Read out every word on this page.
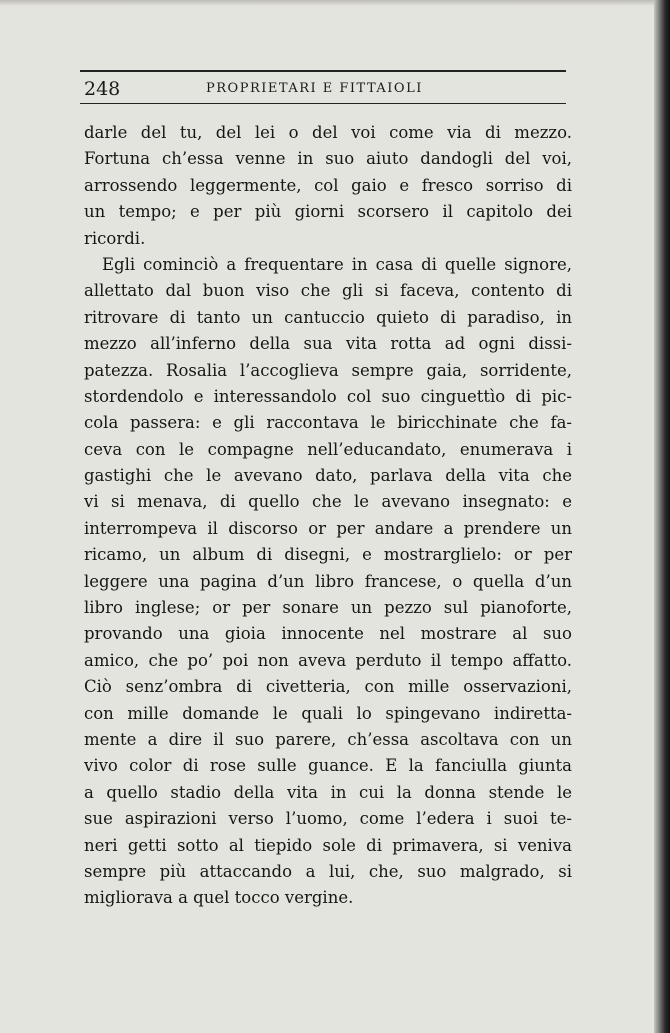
248	PROPRIETARI E FITTAIOLI
darle del tu, del lei o del voi come via di mezzo.
Fortuna ch’essa venne in suo aiuto dandogli del voi,
arrossendo leggermente, col gaio e fresco sorriso di
un tempo; e per più giorni scorsero il capitolo dei
ricordi.
Egli cominciò a frequentare in casa di quelle signore,
allettato dal buon viso che gli si faceva, contento di
ritrovare di tanto un cantuccio quieto di paradiso, in
mezzo all’inferno della sua vita rotta ad ogni dissi-
patezza. Rosalia l’accoglieva sempre gaia, sorridente,
stordendolo e interessandolo col suo cinguettìo di pic-
cola passera: e gli raccontava le biricchinate che fa-
ceva con le compagne nell’educandato, enumerava i
gastighi che le avevano dato, parlava della vita che
vi si menava, di quello che le avevano insegnato: e
interrompeva il discorso or per andare a prendere un
ricamo, un album di disegni, e mostrarglielo: or per
leggere una pagina d’un libro francese, o quella d’un
libro inglese; or per sonare un pezzo sul pianoforte,
provando una gioia innocente nel mostrare al suo
amico, che po’ poi non aveva perduto il tempo affatto.
Ciò senz’ombra di civetteria, con mille osservazioni,
con mille domande le quali lo spingevano indiretta-
mente a dire il suo parere, ch’essa ascoltava con un
vivo color di rose sulle guance. E la fanciulla giunta
a quello stadio della vita in cui la donna stende le
sue aspirazioni verso l’uomo, come l’edera i suoi te-
neri getti sotto al tiepido sole di primavera, si veniva
sempre più attaccando a lui, che, suo malgrado, si
migliorava a quel tocco vergine.
